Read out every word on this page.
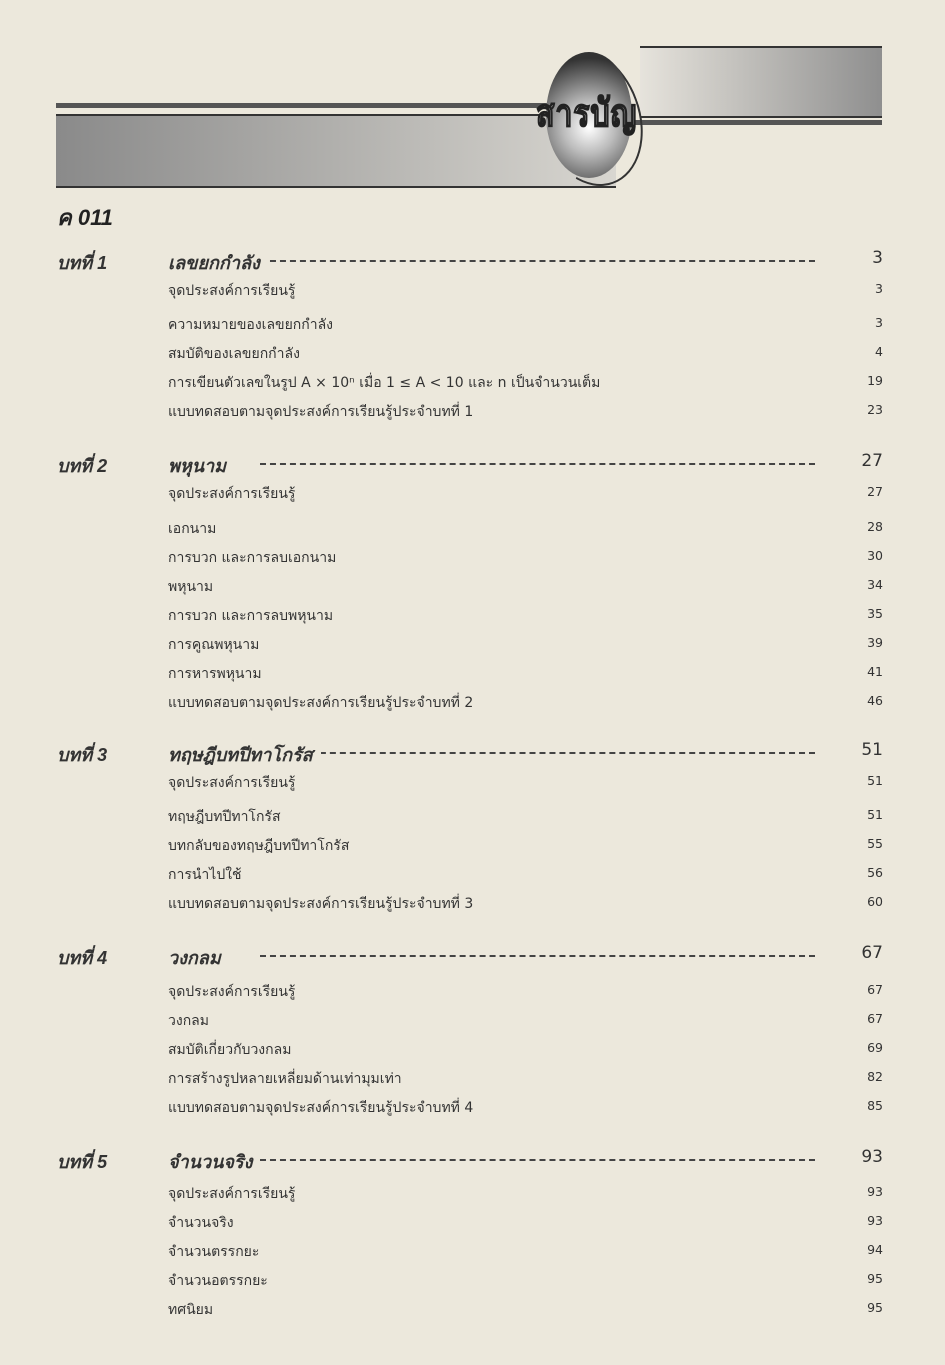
สารบัญ
ค 011
บทที่ 1	เลขยกกำลัง	3
จุดประสงค์การเรียนรู้	3
ความหมายของเลขยกกำลัง	3
สมบัติของเลขยกกำลัง	4
การเขียนตัวเลขในรูป A × 10ⁿ เมื่อ 1 ≤ A < 10 และ n เป็นจำนวนเต็ม	19
แบบทดสอบตามจุดประสงค์การเรียนรู้ประจำบทที่ 1	23
บทที่ 2	พหุนาม	27
จุดประสงค์การเรียนรู้	27
เอกนาม	28
การบวก และการลบเอกนาม	30
พหุนาม	34
การบวก และการลบพหุนาม	35
การคูณพหุนาม	39
การหารพหุนาม	41
แบบทดสอบตามจุดประสงค์การเรียนรู้ประจำบทที่ 2	46
บทที่ 3	ทฤษฎีบทปีทาโกรัส	51
จุดประสงค์การเรียนรู้	51
ทฤษฎีบทปีทาโกรัส	51
บทกลับของทฤษฎีบทปีทาโกรัส	55
การนำไปใช้	56
แบบทดสอบตามจุดประสงค์การเรียนรู้ประจำบทที่ 3	60
บทที่ 4	วงกลม	67
จุดประสงค์การเรียนรู้	67
วงกลม	67
สมบัติเกี่ยวกับวงกลม	69
การสร้างรูปหลายเหลี่ยมด้านเท่ามุมเท่า	82
แบบทดสอบตามจุดประสงค์การเรียนรู้ประจำบทที่ 4	85
บทที่ 5	จำนวนจริง	93
จุดประสงค์การเรียนรู้	93
จำนวนจริง	93
จำนวนตรรกยะ	94
จำนวนอตรรกยะ	95
ทศนิยม	95
